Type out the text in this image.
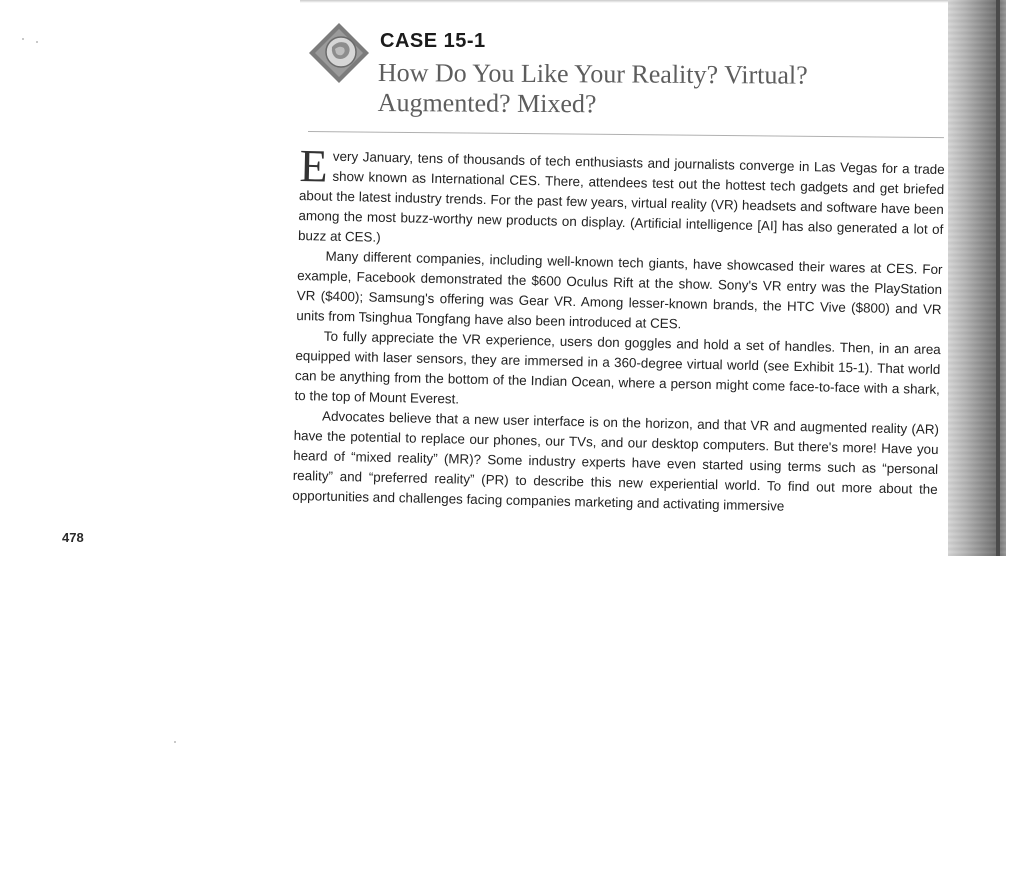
CASE 15-1
How Do You Like Your Reality? Virtual? Augmented? Mixed?

Every January, tens of thousands of tech enthusiasts and journalists converge in Las Vegas for a trade show known as International CES. There, attendees test out the hottest tech gadgets and get briefed about the latest industry trends. For the past few years, virtual reality (VR) headsets and software have been among the most buzz-worthy new products on display. (Artificial intelligence [AI] has also generated a lot of buzz at CES.)

Many different companies, including well-known tech giants, have showcased their wares at CES. For example, Facebook demonstrated the $600 Oculus Rift at the show. Sony's VR entry was the PlayStation VR ($400); Samsung's offering was Gear VR. Among lesser-known brands, the HTC Vive ($800) and VR units from Tsinghua Tongfang have also been introduced at CES.

To fully appreciate the VR experience, users don goggles and hold a set of handles. Then, in an area equipped with laser sensors, they are immersed in a 360-degree virtual world (see Exhibit 15-1). That world can be anything from the bottom of the Indian Ocean, where a person might come face-to-face with a shark, to the top of Mount Everest.

Advocates believe that a new user interface is on the horizon, and that VR and augmented reality (AR) have the potential to replace our phones, our TVs, and our desktop computers. But there's more! Have you heard of “mixed reality” (MR)? Some industry experts have even started using terms such as “personal reality” and “preferred reality” (PR) to describe this new experiential world. To find out more about the opportunities and challenges facing companies marketing and activating immersive

478
